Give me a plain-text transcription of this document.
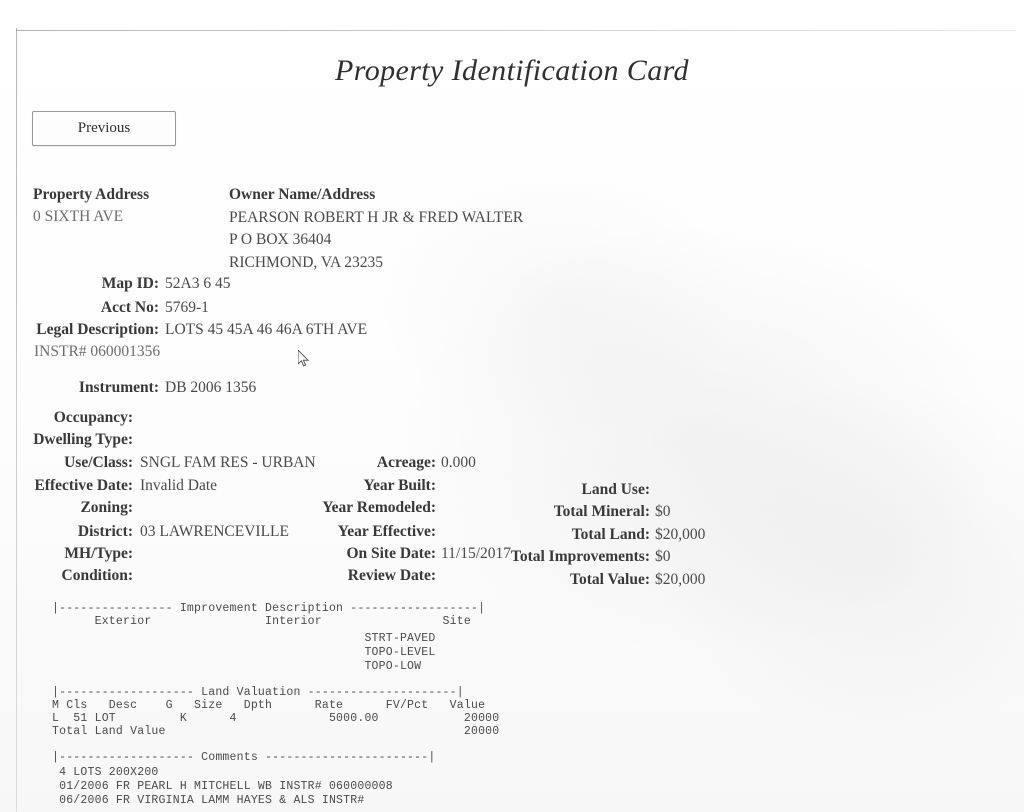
Property Identification Card
Previous
Property Address
0 SIXTH AVE
Owner Name/Address
PEARSON ROBERT H JR & FRED WALTER
P O BOX 36404
RICHMOND, VA 23235
Map ID: 52A3 6 45
Acct No: 5769-1
Legal Description: LOTS 45 45A 46 46A 6TH AVE
INSTR# 060001356
Instrument: DB 2006 1356
Occupancy:
Dwelling Type:
Use/Class: SNGL FAM RES - URBAN
Effective Date: Invalid Date
Zoning:
District: 03 LAWRENCEVILLE
MH/Type:
Condition:
Acreage: 0.000
Year Built:
Year Remodeled:
Year Effective:
On Site Date: 11/15/2017
Review Date:
Land Use:
Total Mineral: $0
Total Land: $20,000
Total Improvements: $0
Total Value: $20,000
|---------------- Improvement Description ------------------|
Exterior                Interior                 Site
STRT-PAVED
TOPO-LEVEL
TOPO-LOW
|------------------- Land Valuation ---------------------|
M Cls   Desc    G   Size   Dpth      Rate      FV/Pct   Value
L  51 LOT         K      4             5000.00            20000
Total Land Value                                          20000
|------------------- Comments -----------------------|
4 LOTS 200X200
01/2006 FR PEARL H MITCHELL WB INSTR# 060000008
06/2006 FR VIRGINIA LAMM HAYES & ALS INSTR#
